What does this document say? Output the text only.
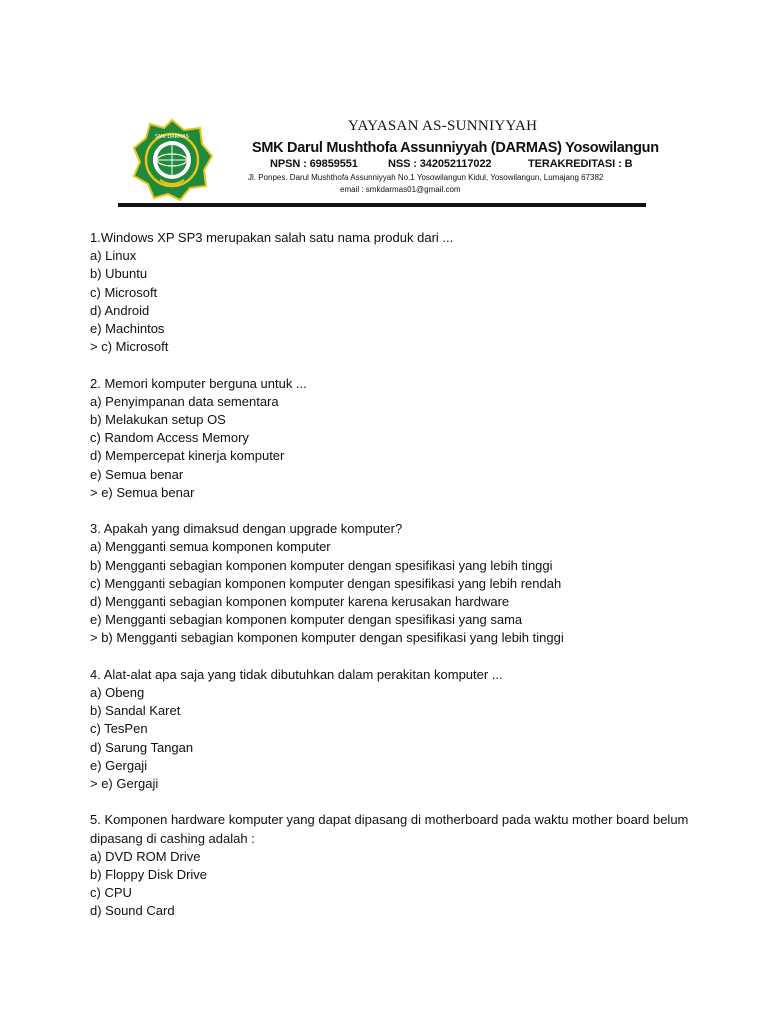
SMK DARMAS
YAYASAN AS-SUNNIYYAH
SMK Darul Mushthofa Assunniyyah (DARMAS) Yosowilangun
NPSN : 69859551	NSS : 342052117022	TERAKREDITASI : B
Jl. Ponpes. Darul Mushthofa Assunniyyah No.1 Yosowilangun Kidul, Yosowilangun, Lumajang 67382
email : smkdarmas01@gmail.com
1.Windows XP SP3 merupakan salah satu nama produk dari ...
a) Linux
b) Ubuntu
c) Microsoft
d) Android
e) Machintos
> c) Microsoft
2. Memori komputer berguna untuk ...
a) Penyimpanan data sementara
b) Melakukan setup OS
c) Random Access Memory
d) Mempercepat kinerja komputer
e) Semua benar
> e) Semua benar
3. Apakah yang dimaksud dengan upgrade komputer?
a) Mengganti semua komponen komputer
b) Mengganti sebagian komponen komputer dengan spesifikasi yang lebih tinggi
c) Mengganti sebagian komponen komputer dengan spesifikasi yang lebih rendah
d) Mengganti sebagian komponen komputer karena kerusakan hardware
e) Mengganti sebagian komponen komputer dengan spesifikasi yang sama
> b) Mengganti sebagian komponen komputer dengan spesifikasi yang lebih tinggi
4. Alat-alat apa saja yang tidak dibutuhkan dalam perakitan komputer ...
a) Obeng
b) Sandal Karet
c) TesPen
d) Sarung Tangan
e) Gergaji
> e) Gergaji
5. Komponen hardware komputer yang dapat dipasang di motherboard pada waktu mother board belum dipasang di cashing adalah :
a) DVD ROM Drive
b) Floppy Disk Drive
c) CPU
d) Sound Card
